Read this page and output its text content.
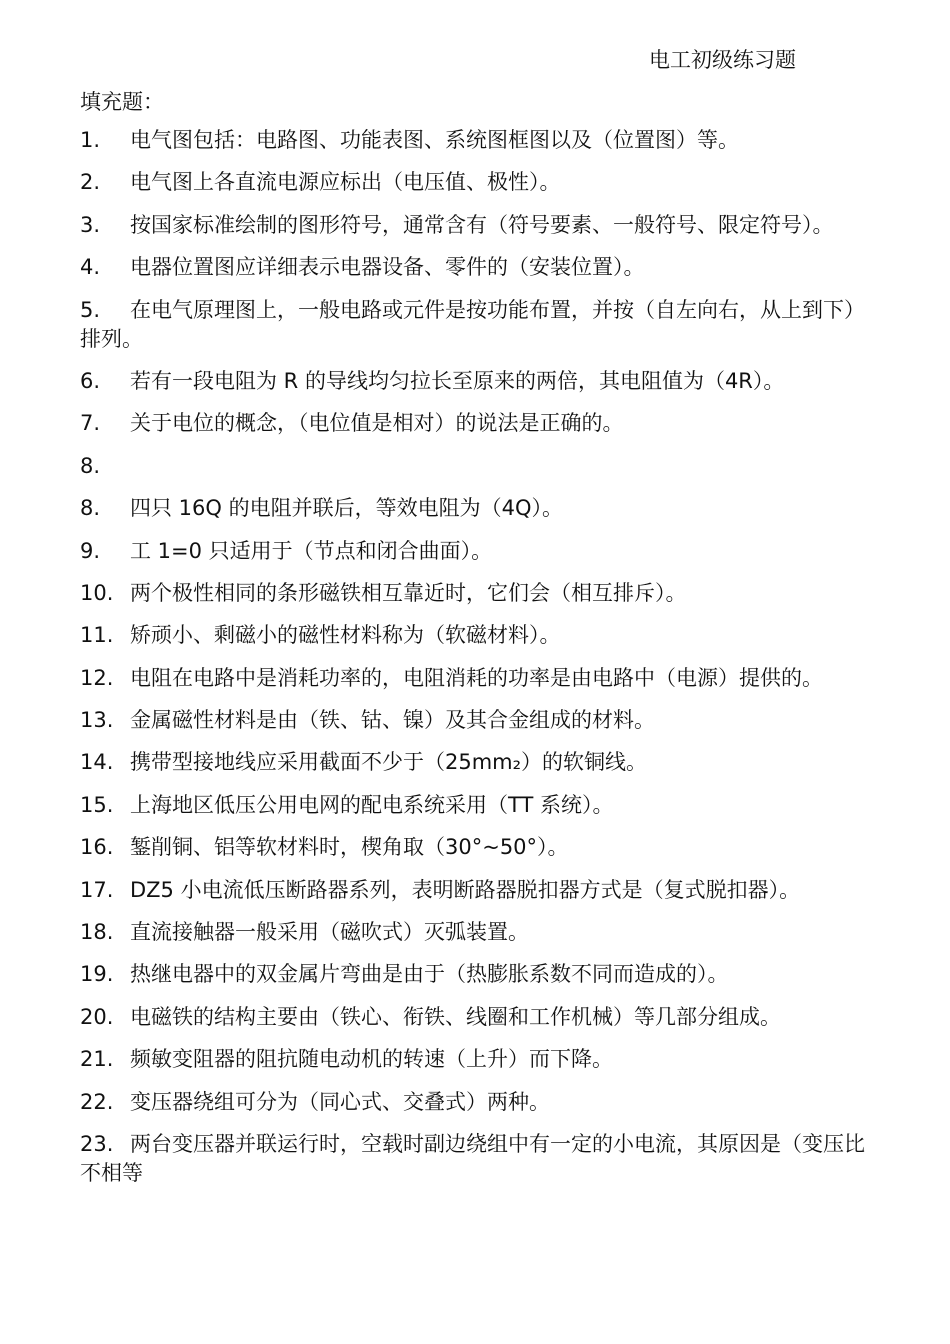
电工初级练习题
填充题：
1. 电气图包括：电路图、功能表图、系统图框图以及（位置图）等。
2. 电气图上各直流电源应标出（电压值、极性）。
3. 按国家标准绘制的图形符号，通常含有（符号要素、一般符号、限定符号）。
4. 电器位置图应详细表示电器设备、零件的（安装位置）。
5. 在电气原理图上，一般电路或元件是按功能布置，并按（自左向右，从上到下）排列。
6. 若有一段电阻为 R 的导线均匀拉长至原来的两倍，其电阻值为（4R）。
7. 关于电位的概念，（电位值是相对）的说法是正确的。
8.
8. 四只 16Q 的电阻并联后，等效电阻为（4Q）。
9. 工 1=0 只适用于（节点和闭合曲面）。
10. 两个极性相同的条形磁铁相互靠近时，它们会（相互排斥）。
11. 矫顽小、剩磁小的磁性材料称为（软磁材料）。
12. 电阻在电路中是消耗功率的，电阻消耗的功率是由电路中（电源）提供的。
13. 金属磁性材料是由（铁、钴、镍）及其合金组成的材料。
14. 携带型接地线应采用截面不少于（25mm₂）的软铜线。
15. 上海地区低压公用电网的配电系统采用（TT 系统）。
16. 錾削铜、铝等软材料时，楔角取（30°~50°）。
17. DZ5 小电流低压断路器系列，表明断路器脱扣器方式是（复式脱扣器）。
18. 直流接触器一般采用（磁吹式）灭弧装置。
19. 热继电器中的双金属片弯曲是由于（热膨胀系数不同而造成的）。
20. 电磁铁的结构主要由（铁心、衔铁、线圈和工作机械）等几部分组成。
21. 频敏变阻器的阻抗随电动机的转速（上升）而下降。
22. 变压器绕组可分为（同心式、交叠式）两种。
23. 两台变压器并联运行时，空载时副边绕组中有一定的小电流，其原因是（变压比不相等
